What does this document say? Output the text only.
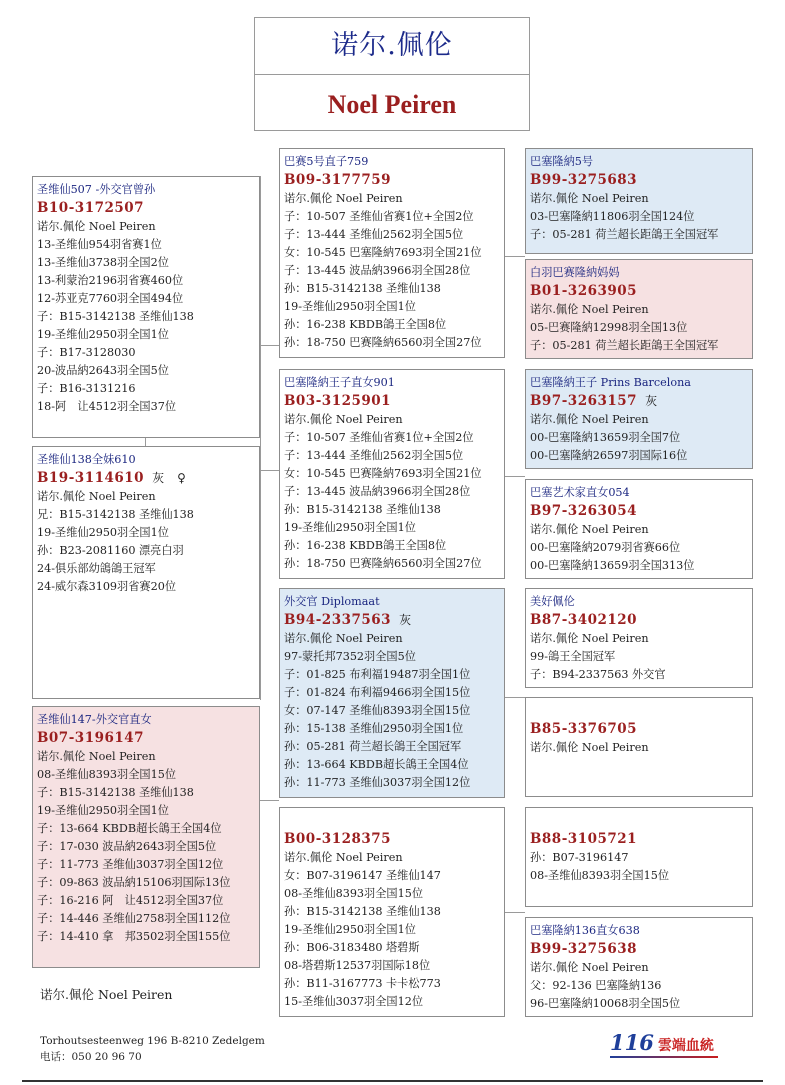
诺尔.佩伦
Noel Peiren
圣维仙507 -外交官曾孙
B10-3172507
诺尔.佩伦 Noel Peiren
13-圣维仙954羽省赛1位
13-圣维仙3738羽全国2位
13-利蒙治2196羽省赛460位
12-苏亚克7760羽全国494位
子：B15-3142138 圣维仙138
19-圣维仙2950羽全国1位
子：B17-3128030
20-波品納2643羽全国5位
子：B16-3131216
18-阿　让4512羽全国37位
巴赛5号直子759
B09-3177759
诺尔.佩伦 Noel Peiren
子：10-507 圣维仙省赛1位+全国2位
子：13-444 圣维仙2562羽全国5位
女：10-545 巴塞隆納7693羽全国21位
子：13-445 波品納3966羽全国28位
孙：B15-3142138 圣维仙138
19-圣维仙2950羽全国1位
孙：16-238 KBDB鴿王全国8位
孙：18-750 巴赛隆納6560羽全国27位
巴塞隆納5号
B99-3275683
诺尔.佩伦 Noel Peiren
03-巴塞隆納11806羽全国124位
子：05-281 荷兰超长距鴿王全国冠军
白羽巴赛隆納妈妈
B01-3263905
诺尔.佩伦 Noel Peiren
05-巴赛隆納12998羽全国13位
子：05-281 荷兰超长距鴿王全国冠军
圣维仙138全妹610
B19-3114610 灰　♀
诺尔.佩伦 Noel Peiren
兄：B15-3142138 圣维仙138
19-圣维仙2950羽全国1位
孙：B23-2081160 漂亮白羽
24-俱乐部幼鴿鴿王冠军
24-威尔森3109羽省赛20位
巴塞隆納王子直女901
B03-3125901
诺尔.佩伦 Noel Peiren
子：10-507 圣维仙省赛1位+全国2位
子：13-444 圣维仙2562羽全国5位
女：10-545 巴赛隆納7693羽全国21位
子：13-445 波品納3966羽全国28位
孙：B15-3142138 圣维仙138
19-圣维仙2950羽全国1位
孙：16-238 KBDB鴿王全国8位
孙：18-750 巴赛隆納6560羽全国27位
巴塞隆納王子 Prins Barcelona
B97-3263157 灰
诺尔.佩伦 Noel Peiren
00-巴塞隆納13659羽全国7位
00-巴塞隆納26597羽国际16位
巴塞艺术家直女054
B97-3263054
诺尔.佩伦 Noel Peiren
00-巴塞隆納2079羽省赛66位
00-巴塞隆納13659羽全国313位
圣维仙147-外交官直女
B07-3196147
诺尔.佩伦 Noel Peiren
08-圣维仙8393羽全国15位
子：B15-3142138 圣维仙138
19-圣维仙2950羽全国1位
子：13-664 KBDB超长鴿王全国4位
子：17-030 波品納2643羽全国5位
子：11-773 圣维仙3037羽全国12位
子：09-863 波品納15106羽国际13位
子：16-216 阿　让4512羽全国37位
子：14-446 圣维仙2758羽全国112位
子：14-410 拿　邦3502羽全国155位
外交官 Diplomaat
B94-2337563 灰
诺尔.佩伦 Noel Peiren
97-蒙托邦7352羽全国5位
子：01-825 布利福19487羽全国1位
子：01-824 布利福9466羽全国15位
女：07-147 圣维仙8393羽全国15位
孙：15-138 圣维仙2950羽全国1位
孙：05-281 荷兰超长鴿王全国冠军
孙：13-664 KBDB超长鴿王全国4位
孙：11-773 圣维仙3037羽全国12位
美好佩伦
B87-3402120
诺尔.佩伦 Noel Peiren
99-鴿王全国冠军
子：B94-2337563 外交官
B85-3376705
诺尔.佩伦 Noel Peiren
B00-3128375
诺尔.佩伦 Noel Peiren
女：B07-3196147 圣维仙147
08-圣维仙8393羽全国15位
孙：B15-3142138 圣维仙138
19-圣维仙2950羽全国1位
孙：B06-3183480 塔碧斯
08-塔碧斯12537羽国际18位
孙：B11-3167773 卡卡松773
15-圣维仙3037羽全国12位
B88-3105721
孙：B07-3196147
08-圣维仙8393羽全国15位
巴塞隆納136直女638
B99-3275638
诺尔.佩伦 Noel Peiren
父：92-136 巴塞隆納136
96-巴塞隆納10068羽全国5位
诺尔.佩伦 Noel Peiren
Torhoutsesteenweg 196 B-8210 Zedelgem
电话：050 20 96 70
116 雲端血統
